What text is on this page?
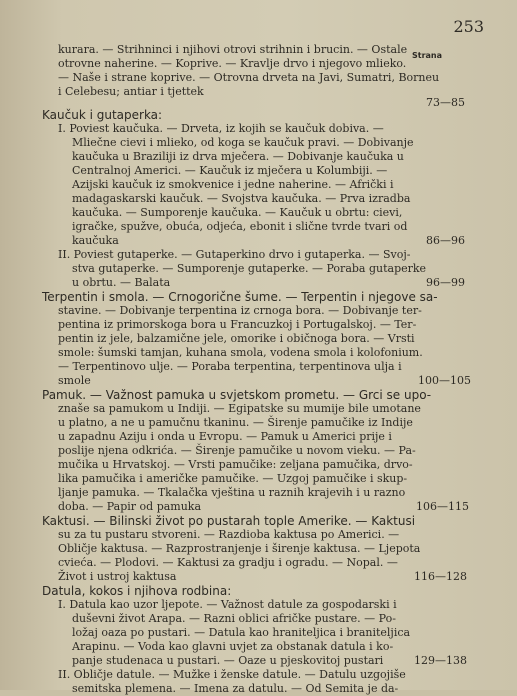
253
Strana
kurara. — Strihninci i njihovi otrovi strihnin i brucin. — Ostale
otrovne naherine. — Koprive. — Kravlje drvo i njegovo mlieko.
— Naše i strane koprive. — Otrovna drveta na Javi, Sumatri, Borneu
i Celebesu; antiar i tjettek
73—85
Kaučuk i gutaperka:
I. Poviest kaučuka. — Drveta, iz kojih se kaučuk dobiva. —
Mliečne cievi i mlieko, od koga se kaučuk pravi. — Dobivanje
kaučuka u Braziliji iz drva mječera. — Dobivanje kaučuka u
Centralnoj Americi. — Kaučuk iz mječera u Kolumbiji. —
Azijski kaučuk iz smokvenice i jedne naherine. — Afrički i
madagaskarski kaučuk. — Svojstva kaučuka. — Prva izradba
kaučuka. — Sumporenje kaučuka. — Kaučuk u obrtu: cievi,
igračke, spužve, obuća, odjeća, ebonit i slične tvrde tvari od
kaučuka	86—96
II. Poviest gutaperke. — Gutaperkino drvo i gutaperka. — Svoj-
stva gutaperke. — Sumporenje gutaperke. — Poraba gutaperke
u obrtu. — Balata	96—99
Terpentin i smola. — Crnogorične šume. — Terpentin i njegove sa-
stavine. — Dobivanje terpentina iz crnoga bora. — Dobivanje ter-
pentina iz primorskoga bora u Francuzkoj i Portugalskoj. — Ter-
pentin iz jele, balzamične jele, omorike i običnoga bora. — Vrsti
smole: šumski tamjan, kuhana smola, vodena smola i kolofonium.
— Terpentinovo ulje. — Poraba terpentina, terpentinova ulja i
smole	100—105
Pamuk. — Važnost pamuka u svjetskom prometu. — Grci se upo-
znaše sa pamukom u Indiji. — Egipatske su mumije bile umotane
u platno, a ne u pamučnu tkaninu. — Širenje pamučike iz Indije
u zapadnu Aziju i onda u Evropu. — Pamuk u Americi prije i
poslije njena odkrića. — Širenje pamučike u novom vieku. — Pa-
mučika u Hrvatskoj. — Vrsti pamučike: zeljana pamučika, drvo-
lika pamučika i američke pamučike. — Uzgoj pamučike i skup-
ljanje pamuka. — Tkalačka vještina u raznih krajevih i u razno
doba. — Papir od pamuka	106—115
Kaktusi. — Bilinski život po pustarah tople Amerike. — Kaktusi
su za tu pustaru stvoreni. — Razdioba kaktusa po Americi. —
Obličje kaktusa. — Razprostranjenje i širenje kaktusa. — Ljepota
cvieća. — Plodovi. — Kaktusi za gradju i ogradu. — Nopal. —
Život i ustroj kaktusa	116—128
Datula, kokos i njihova rodbina:
I. Datula kao uzor ljepote. — Važnost datule za gospodarski i
duševni život Arapa. — Razni oblici afričke pustare. — Po-
ložaj oaza po pustari. — Datula kao hraniteljica i braniteljica
Arapinu. — Voda kao glavni uvjet za obstanak datula i ko-
panje studenaca u pustari. — Oaze u pjeskovitoj pustari	129—138
II. Obličje datule. — Mužke i ženske datule. — Datulu uzgojiše
semitska plemena. — Imena za datulu. — Od Semita je da-
